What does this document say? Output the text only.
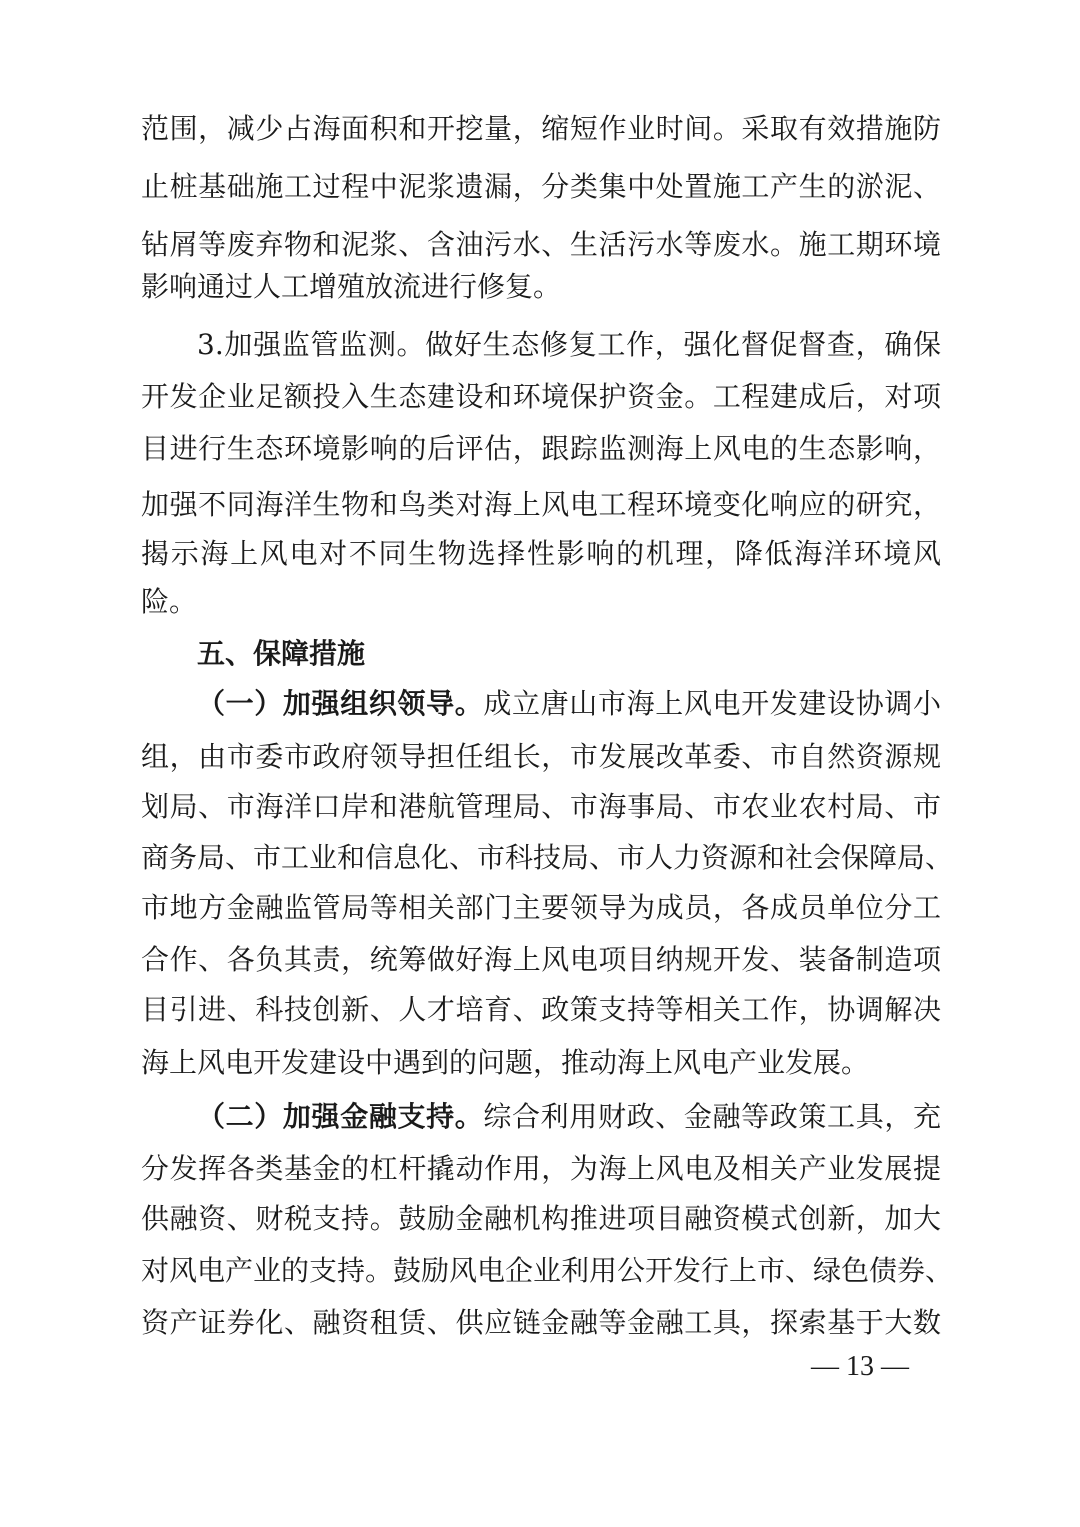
范围，减少占海面积和开挖量，缩短作业时间。采取有效措施防
止桩基础施工过程中泥浆遗漏，分类集中处置施工产生的淤泥、
钻屑等废弃物和泥浆、含油污水、生活污水等废水。施工期环境
影响通过人工增殖放流进行修复。
3.加强监管监测。做好生态修复工作，强化督促督查，确保
开发企业足额投入生态建设和环境保护资金。工程建成后，对项
目进行生态环境影响的后评估，跟踪监测海上风电的生态影响，
加强不同海洋生物和鸟类对海上风电工程环境变化响应的研究，
揭示海上风电对不同生物选择性影响的机理，降低海洋环境风
险。
五、保障措施
（一）加强组织领导。成立唐山市海上风电开发建设协调小
组，由市委市政府领导担任组长，市发展改革委、市自然资源规
划局、市海洋口岸和港航管理局、市海事局、市农业农村局、市
商务局、市工业和信息化、市科技局、市人力资源和社会保障局、
市地方金融监管局等相关部门主要领导为成员，各成员单位分工
合作、各负其责，统筹做好海上风电项目纳规开发、装备制造项
目引进、科技创新、人才培育、政策支持等相关工作，协调解决
海上风电开发建设中遇到的问题，推动海上风电产业发展。
（二）加强金融支持。综合利用财政、金融等政策工具，充
分发挥各类基金的杠杆撬动作用，为海上风电及相关产业发展提
供融资、财税支持。鼓励金融机构推进项目融资模式创新，加大
对风电产业的支持。鼓励风电企业利用公开发行上市、绿色债券、
资产证券化、融资租赁、供应链金融等金融工具，探索基于大数
— 13 —
